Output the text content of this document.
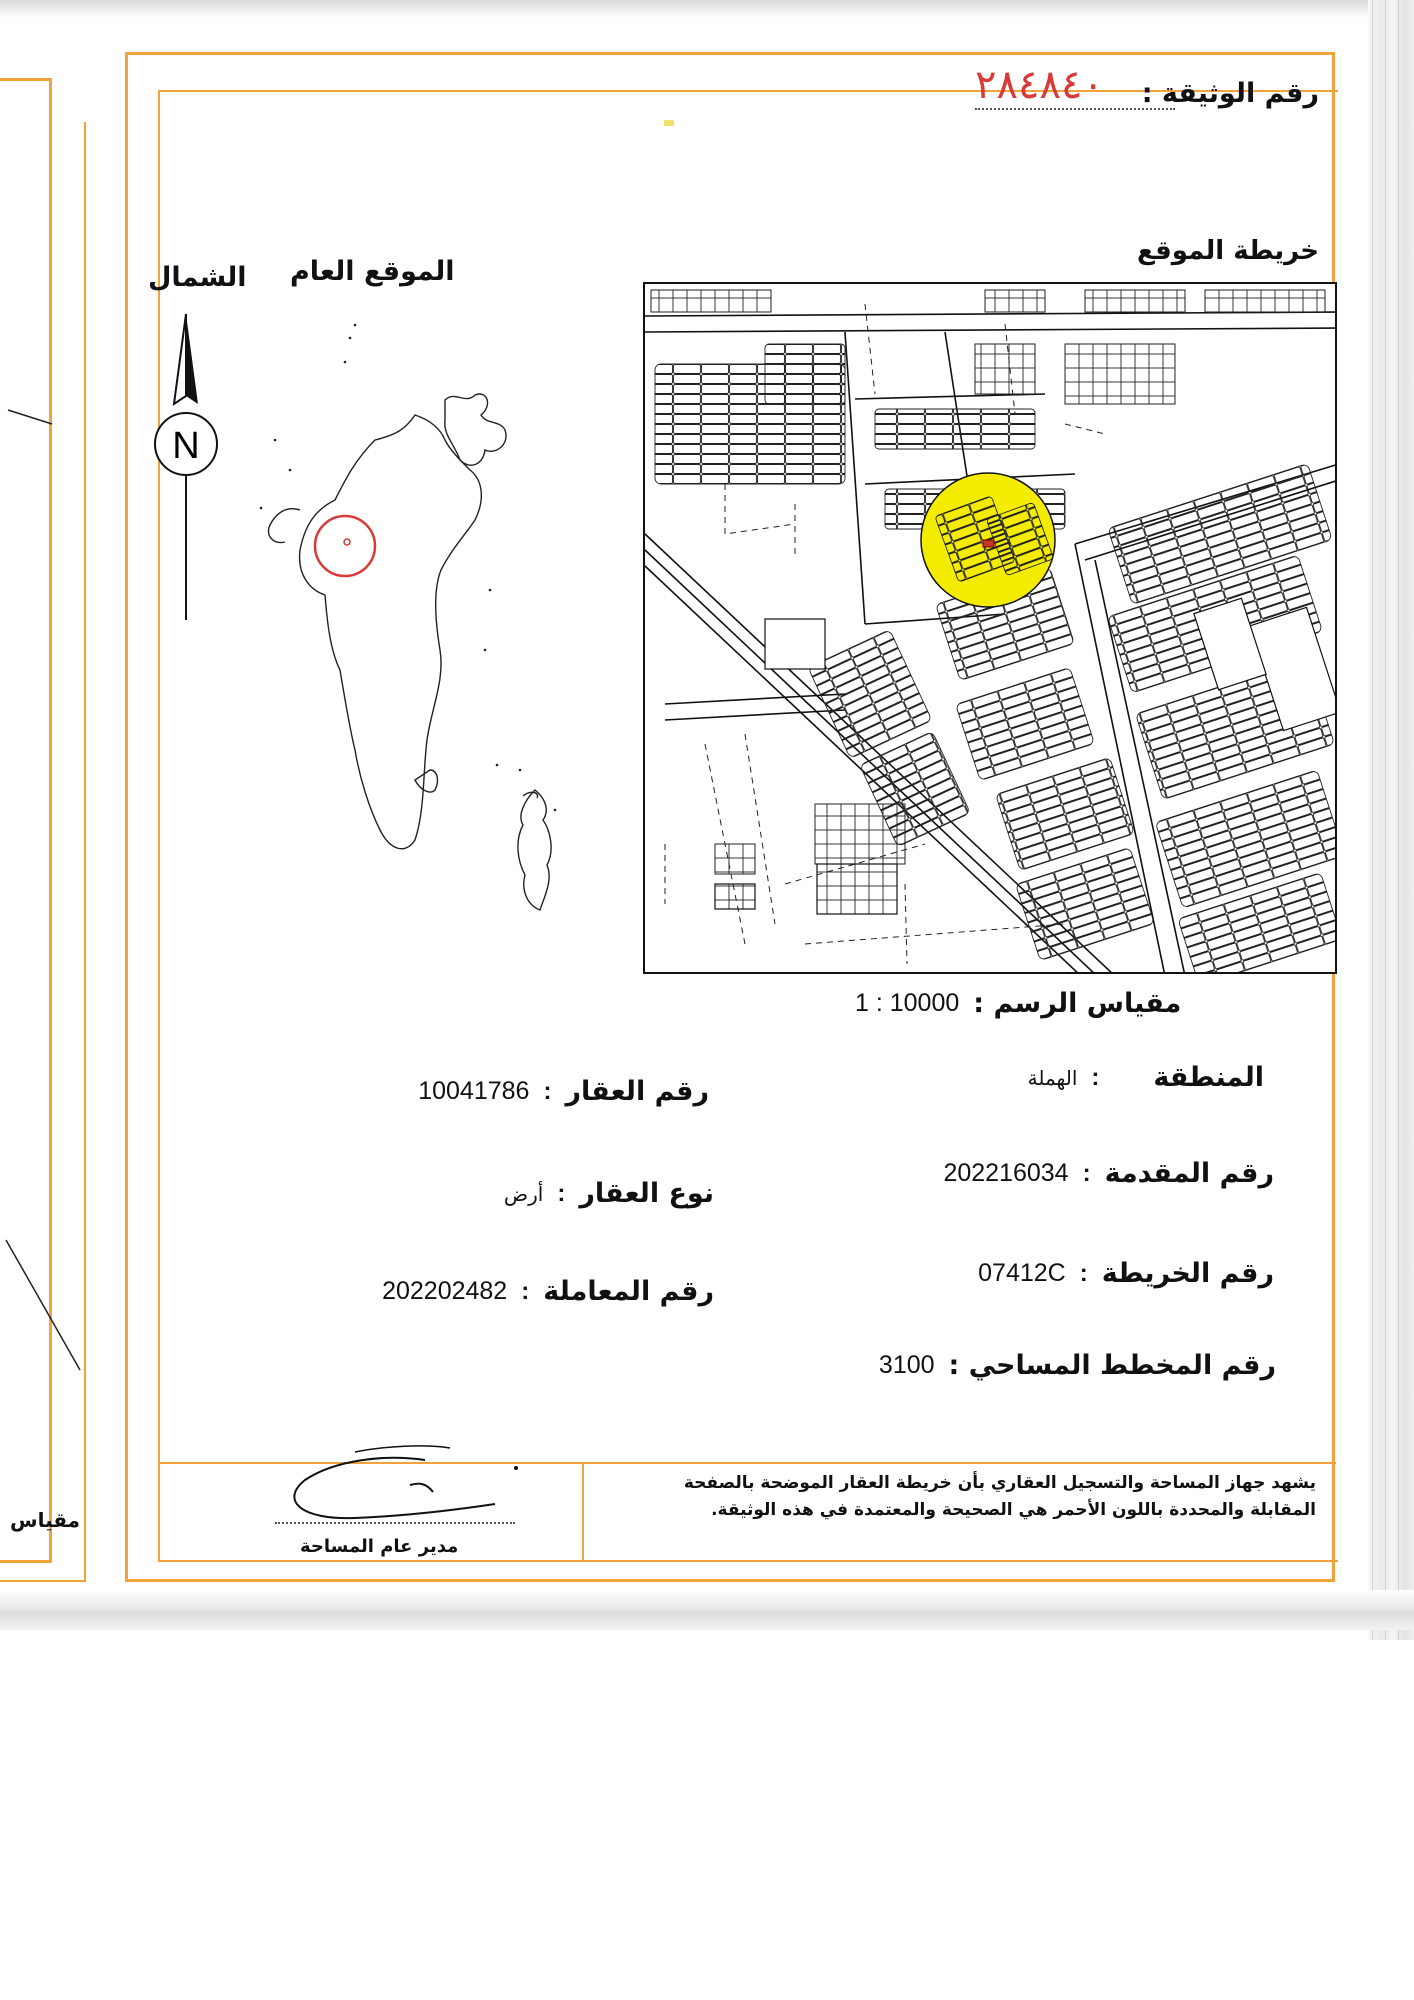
مقياس
رقم الوثيقة :
٢٨٤٨٤٠
خريطة الموقع
الموقع العام
الشمال
N
مقياس الرسم :
1 : 10000
المنطقة
:
الهملة
رقم المقدمة
:
202216034
رقم الخريطة
:
07412C
رقم المخطط المساحي :
3100
رقم العقار
:
10041786
نوع العقار
:
أرض
رقم المعاملة
:
202202482
يشهد جهاز المساحة والتسجيل العقاري بأن خريطة العقار الموضحة بالصفحة المقابلة والمحددة باللون الأحمر هي الصحيحة والمعتمدة في هذه الوثيقة.
مدير عام المساحة
